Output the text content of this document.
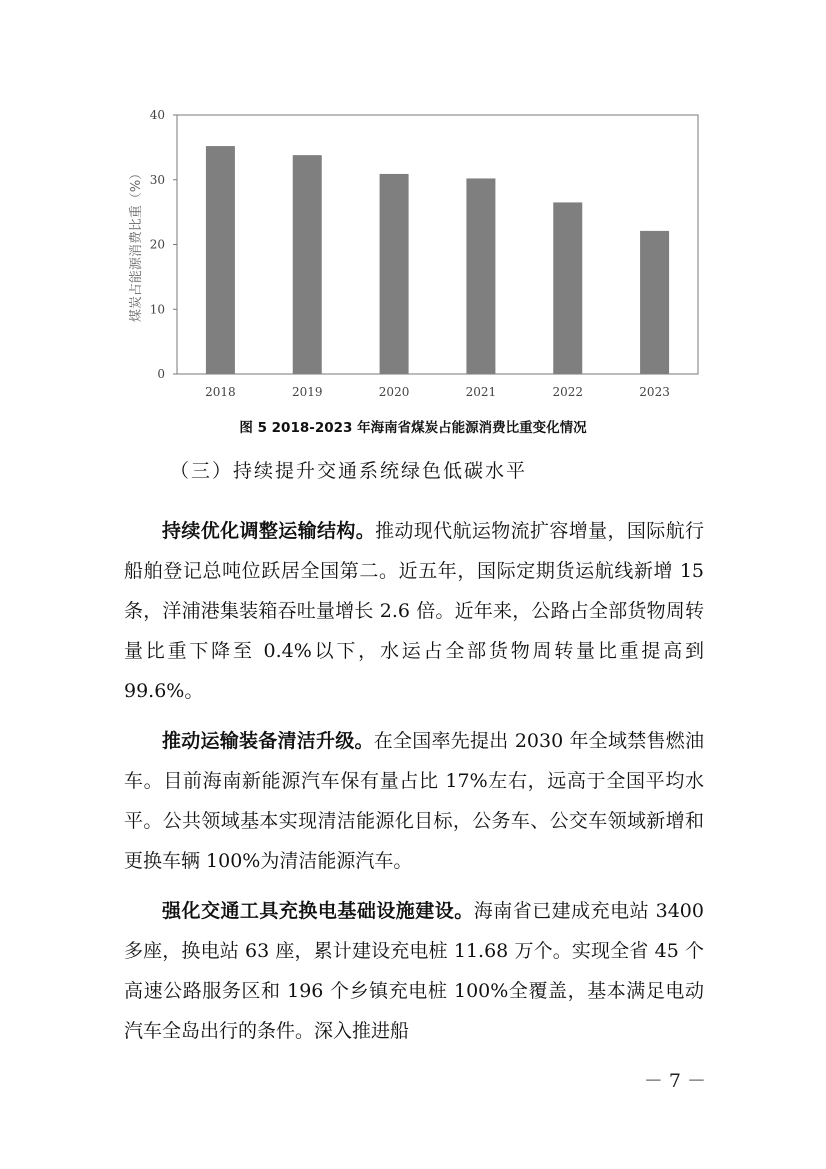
0
10
20
30
40
2018	2019	2020	2021	2022	2023
煤炭占能源消费比重（%）
图 5 2018-2023 年海南省煤炭占能源消费比重变化情况
（三）持续提升交通系统绿色低碳水平

持续优化调整运输结构。推动现代航运物流扩容增量，国际航行船舶登记总吨位跃居全国第二。近五年，国际定期货运航线新增 15 条，洋浦港集装箱吞吐量增长 2.6 倍。近年来，公路占全部货物周转量比重下降至 0.4%以下，水运占全部货物周转量比重提高到 99.6%。

推动运输装备清洁升级。在全国率先提出 2030 年全域禁售燃油车。目前海南新能源汽车保有量占比 17%左右，远高于全国平均水平。公共领域基本实现清洁能源化目标，公务车、公交车领域新增和更换车辆 100%为清洁能源汽车。

强化交通工具充换电基础设施建设。海南省已建成充电站 3400 多座，换电站 63 座，累计建设充电桩 11.68 万个。实现全省 45 个高速公路服务区和 196 个乡镇充电桩 100%全覆盖，基本满足电动汽车全岛出行的条件。深入推进船

－ 7 －
